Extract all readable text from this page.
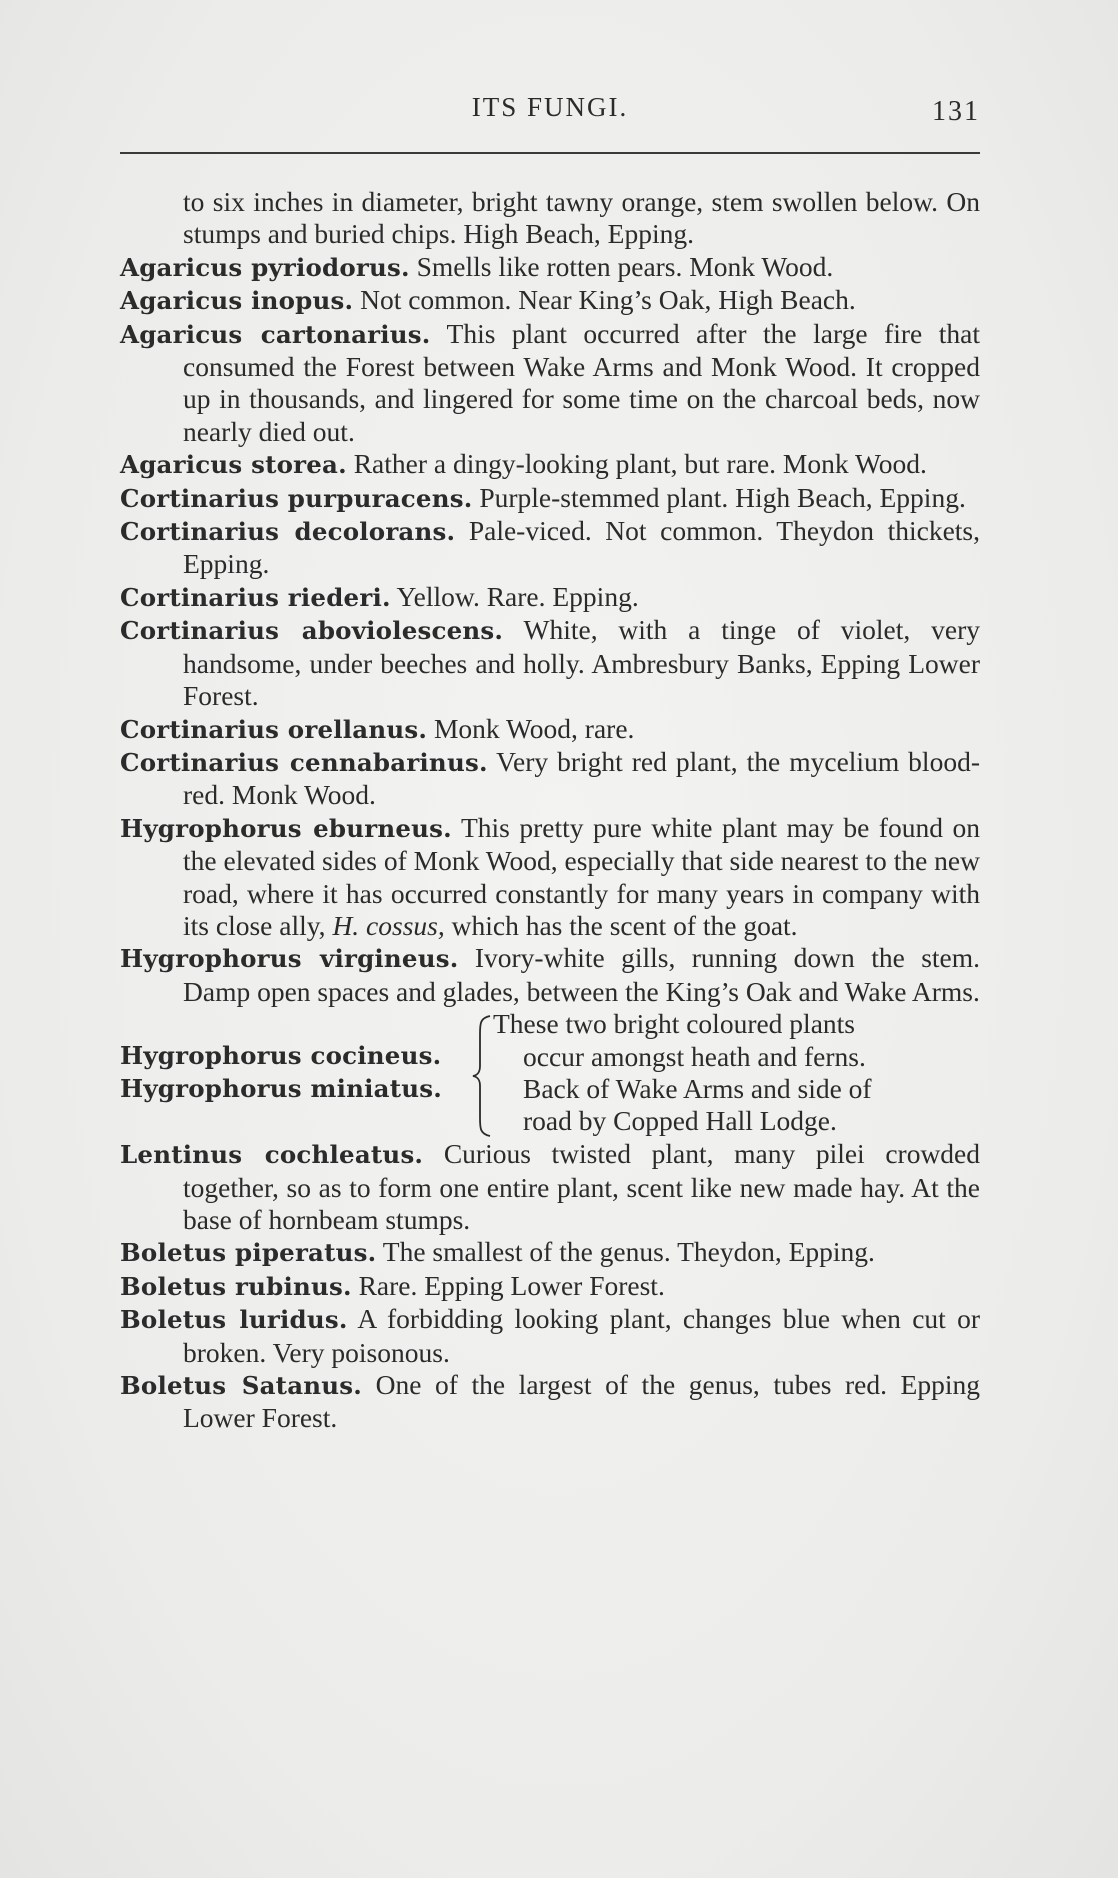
ITS FUNGI.	131

to six inches in diameter, bright tawny orange, stem swollen below. On stumps and buried chips. High Beach, Epping.

Agaricus pyriodorus. Smells like rotten pears. Monk Wood.

Agaricus inopus. Not common. Near King’s Oak, High Beach.

Agaricus cartonarius. This plant occurred after the large fire that consumed the Forest between Wake Arms and Monk Wood. It cropped up in thousands, and lingered for some time on the charcoal beds, now nearly died out.

Agaricus storea. Rather a dingy-looking plant, but rare. Monk Wood.

Cortinarius purpuracens. Purple-stemmed plant. High Beach, Epping.

Cortinarius decolorans. Pale-viced. Not common. Theydon thickets, Epping.

Cortinarius riederi. Yellow. Rare. Epping.

Cortinarius aboviolescens. White, with a tinge of violet, very handsome, under beeches and holly. Ambresbury Banks, Epping Lower Forest.

Cortinarius orellanus. Monk Wood, rare.

Cortinarius cennabarinus. Very bright red plant, the mycelium blood-red. Monk Wood.

Hygrophorus eburneus. This pretty pure white plant may be found on the elevated sides of Monk Wood, especially that side nearest to the new road, where it has occurred constantly for many years in company with its close ally, H. cossus, which has the scent of the goat.

Hygrophorus virgineus. Ivory-white gills, running down the stem. Damp open spaces and glades, between the King’s Oak and Wake Arms.

Hygrophorus cocineus.
Hygrophorus miniatus.
These two bright coloured plants
occur amongst heath and ferns.
Back of Wake Arms and side of
road by Copped Hall Lodge.

Lentinus cochleatus. Curious twisted plant, many pilei crowded together, so as to form one entire plant, scent like new made hay. At the base of hornbeam stumps.

Boletus piperatus. The smallest of the genus. Theydon, Epping.

Boletus rubinus. Rare. Epping Lower Forest.

Boletus luridus. A forbidding looking plant, changes blue when cut or broken. Very poisonous.

Boletus Satanus. One of the largest of the genus, tubes red. Epping Lower Forest.
